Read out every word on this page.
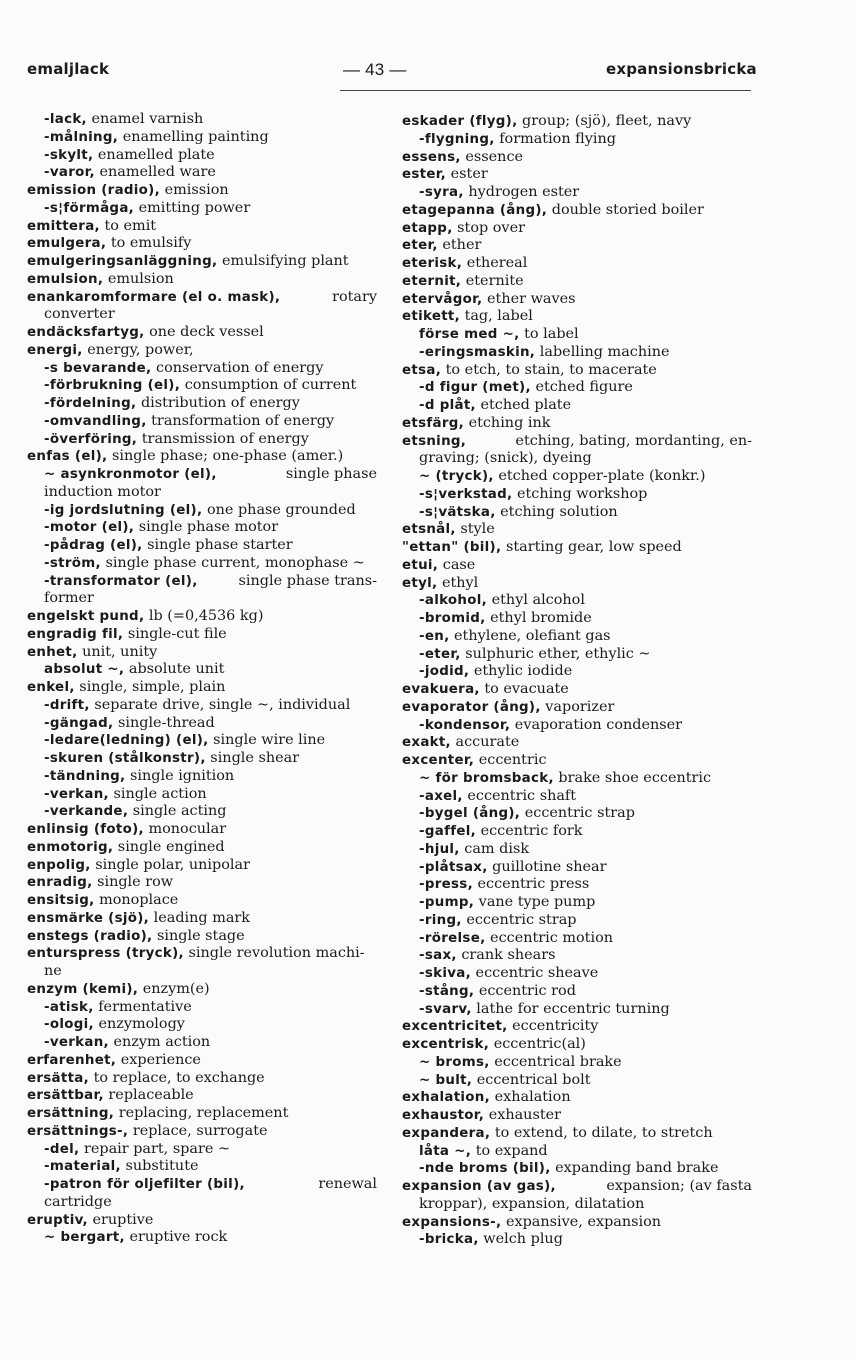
emaljlack	— 43 —	expansionsbricka
-lack, enamel varnish
-målning, enamelling painting
-skylt, enamelled plate
-varor, enamelled ware
emission (radio), emission
-s¦förmåga, emitting power
emittera, to emit
emulgera, to emulsify
emulgeringsanläggning, emulsifying plant
emulsion, emulsion
enankaromformare (el o. mask),	rotary
converter
endäcksfartyg, one deck vessel
energi, energy, power,
-s bevarande, conservation of energy
-förbrukning (el), consumption of current
-fördelning, distribution of energy
-omvandling, transformation of energy
-överföring, transmission of energy
enfas (el), single phase; one-phase (amer.)
~ asynkronmotor (el),	single phase
induction motor
-ig jordslutning (el), one phase grounded
-motor (el), single phase motor
-pådrag (el), single phase starter
-ström, single phase current, monophase ~
-transformator (el),	single phase trans-
former
engelskt pund, lb (=0,4536 kg)
engradig fil, single-cut file
enhet, unit, unity
absolut ~, absolute unit
enkel, single, simple, plain
-drift, separate drive, single ~, individual
-gängad, single-thread
-ledare(ledning) (el), single wire line
-skuren (stålkonstr), single shear
-tändning, single ignition
-verkan, single action
-verkande, single acting
enlinsig (foto), monocular
enmotorig, single engined
enpolig, single polar, unipolar
enradig, single row
ensitsig, monoplace
ensmärke (sjö), leading mark
enstegs (radio), single stage
enturspress (tryck), single revolution machi-
ne
enzym (kemi), enzym(e)
-atisk, fermentative
-ologi, enzymology
-verkan, enzym action
erfarenhet, experience
ersätta, to replace, to exchange
ersättbar, replaceable
ersättning, replacing, replacement
ersättnings-, replace, surrogate
-del, repair part, spare ~
-material, substitute
-patron för oljefilter (bil),	renewal
cartridge
eruptiv, eruptive
~ bergart, eruptive rock
eskader (flyg), group; (sjö), fleet, navy
-flygning, formation flying
essens, essence
ester, ester
-syra, hydrogen ester
etagepanna (ång), double storied boiler
etapp, stop over
eter, ether
eterisk, ethereal
eternit, eternite
etervågor, ether waves
etikett, tag, label
förse med ~, to label
-eringsmaskin, labelling machine
etsa, to etch, to stain, to macerate
-d figur (met), etched figure
-d plåt, etched plate
etsfärg, etching ink
etsning,	etching, bating, mordanting, en-
graving; (snick), dyeing
~ (tryck), etched copper-plate (konkr.)
-s¦verkstad, etching workshop
-s¦vätska, etching solution
etsnål, style
"ettan" (bil), starting gear, low speed
etui, case
etyl, ethyl
-alkohol, ethyl alcohol
-bromid, ethyl bromide
-en, ethylene, olefiant gas
-eter, sulphuric ether, ethylic ~
-jodid, ethylic iodide
evakuera, to evacuate
evaporator (ång), vaporizer
-kondensor, evaporation condenser
exakt, accurate
excenter, eccentric
~ för bromsback, brake shoe eccentric
-axel, eccentric shaft
-bygel (ång), eccentric strap
-gaffel, eccentric fork
-hjul, cam disk
-plåtsax, guillotine shear
-press, eccentric press
-pump, vane type pump
-ring, eccentric strap
-rörelse, eccentric motion
-sax, crank shears
-skiva, eccentric sheave
-stång, eccentric rod
-svarv, lathe for eccentric turning
excentricitet, eccentricity
excentrisk, eccentric(al)
~ broms, eccentrical brake
~ bult, eccentrical bolt
exhalation, exhalation
exhaustor, exhauster
expandera, to extend, to dilate, to stretch
låta ~, to expand
-nde broms (bil), expanding band brake
expansion (av gas),	expansion; (av fasta
kroppar), expansion, dilatation
expansions-, expansive, expansion
-bricka, welch plug
